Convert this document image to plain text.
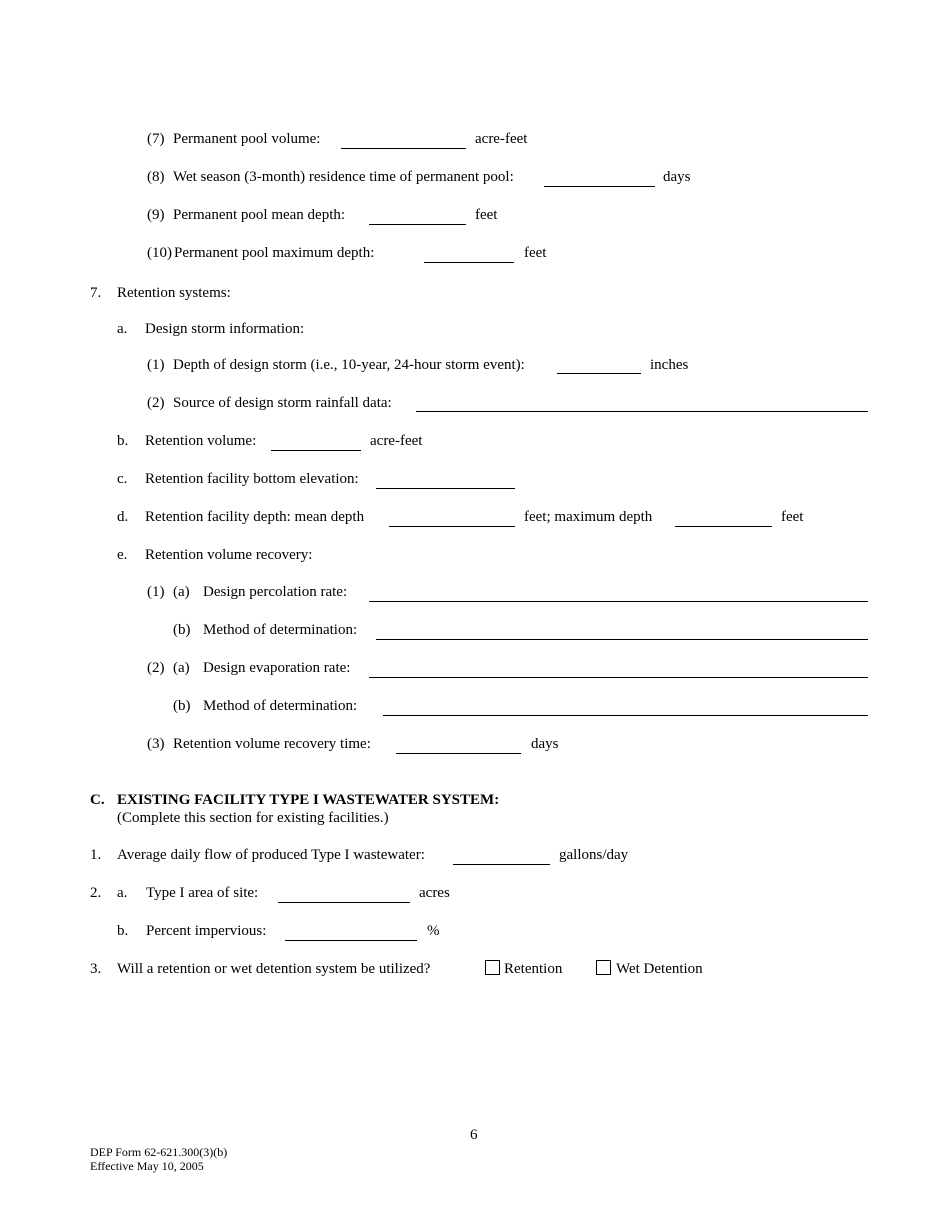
(7) Permanent pool volume:	acre-feet
(8) Wet season (3-month) residence time of permanent pool:	days
(9) Permanent pool mean depth:	feet
(10) Permanent pool maximum depth:	feet
7. Retention systems:
a. Design storm information:
(1) Depth of design storm (i.e., 10-year, 24-hour storm event):	inches
(2) Source of design storm rainfall data:
b. Retention volume:	acre-feet
c. Retention facility bottom elevation:
d. Retention facility depth: mean depth	feet; maximum depth	feet
e. Retention volume recovery:
(1) (a) Design percolation rate:
(b) Method of determination:
(2) (a) Design evaporation rate:
(b) Method of determination:
(3) Retention volume recovery time:	days
C. EXISTING FACILITY TYPE I WASTEWATER SYSTEM:
(Complete this section for existing facilities.)
1. Average daily flow of produced Type I wastewater:	gallons/day
2. a. Type I area of site:	acres
b. Percent impervious:	%
3. Will a retention or wet detention system be utilized?	Retention	Wet Detention
6
DEP Form 62-621.300(3)(b)
Effective May 10, 2005
